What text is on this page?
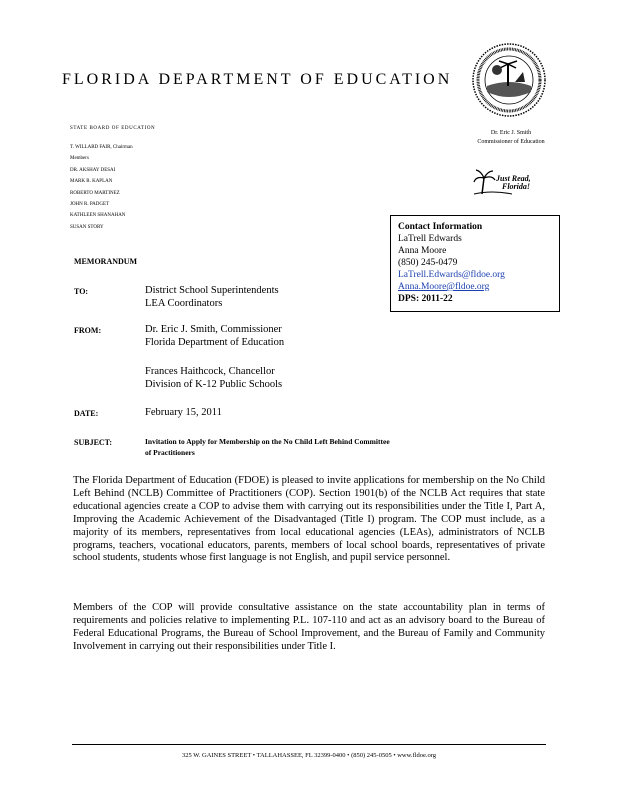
FLORIDA DEPARTMENT OF EDUCATION
STATE BOARD OF EDUCATION
T. WILLARD FAIR, Chairman
Members
DR. AKSHAY DESAI
MARK R. KAPLAN
ROBERTO MARTINEZ
JOHN R. PADGET
KATHLEEN SHANAHAN
SUSAN STORY
Dr. Eric J. Smith
Commissioner of Education
Just Read,
Florida!
Contact Information
LaTrell Edwards
Anna Moore
(850) 245-0479
LaTrell.Edwards@fldoe.org
Anna.Moore@fldoe.org
DPS: 2011-22
MEMORANDUM
TO:	District School Superintendents
LEA Coordinators
FROM:	Dr. Eric J. Smith, Commissioner
Florida Department of Education
Frances Haithcock, Chancellor
Division of K-12 Public Schools
DATE:	February 15, 2011
SUBJECT:	Invitation to Apply for Membership on the No Child Left Behind Committee
of Practitioners
The Florida Department of Education (FDOE) is pleased to invite applications for membership on the No Child Left Behind (NCLB) Committee of Practitioners (COP). Section 1901(b) of the NCLB Act requires that state educational agencies create a COP to advise them with carrying out its responsibilities under the Title I, Part A, Improving the Academic Achievement of the Disadvantaged (Title I) program. The COP must include, as a majority of its members, representatives from local educational agencies (LEAs), administrators of NCLB programs, teachers, vocational educators, parents, members of local school boards, representatives of private school students, students whose first language is not English, and pupil service personnel.
Members of the COP will provide consultative assistance on the state accountability plan in terms of requirements and policies relative to implementing P.L. 107-110 and act as an advisory board to the Bureau of Federal Educational Programs, the Bureau of School Improvement, and the Bureau of Family and Community Involvement in carrying out their responsibilities under Title I.
325 W. GAINES STREET • TALLAHASSEE, FL 32399-0400 • (850) 245-0505 • www.fldoe.org
